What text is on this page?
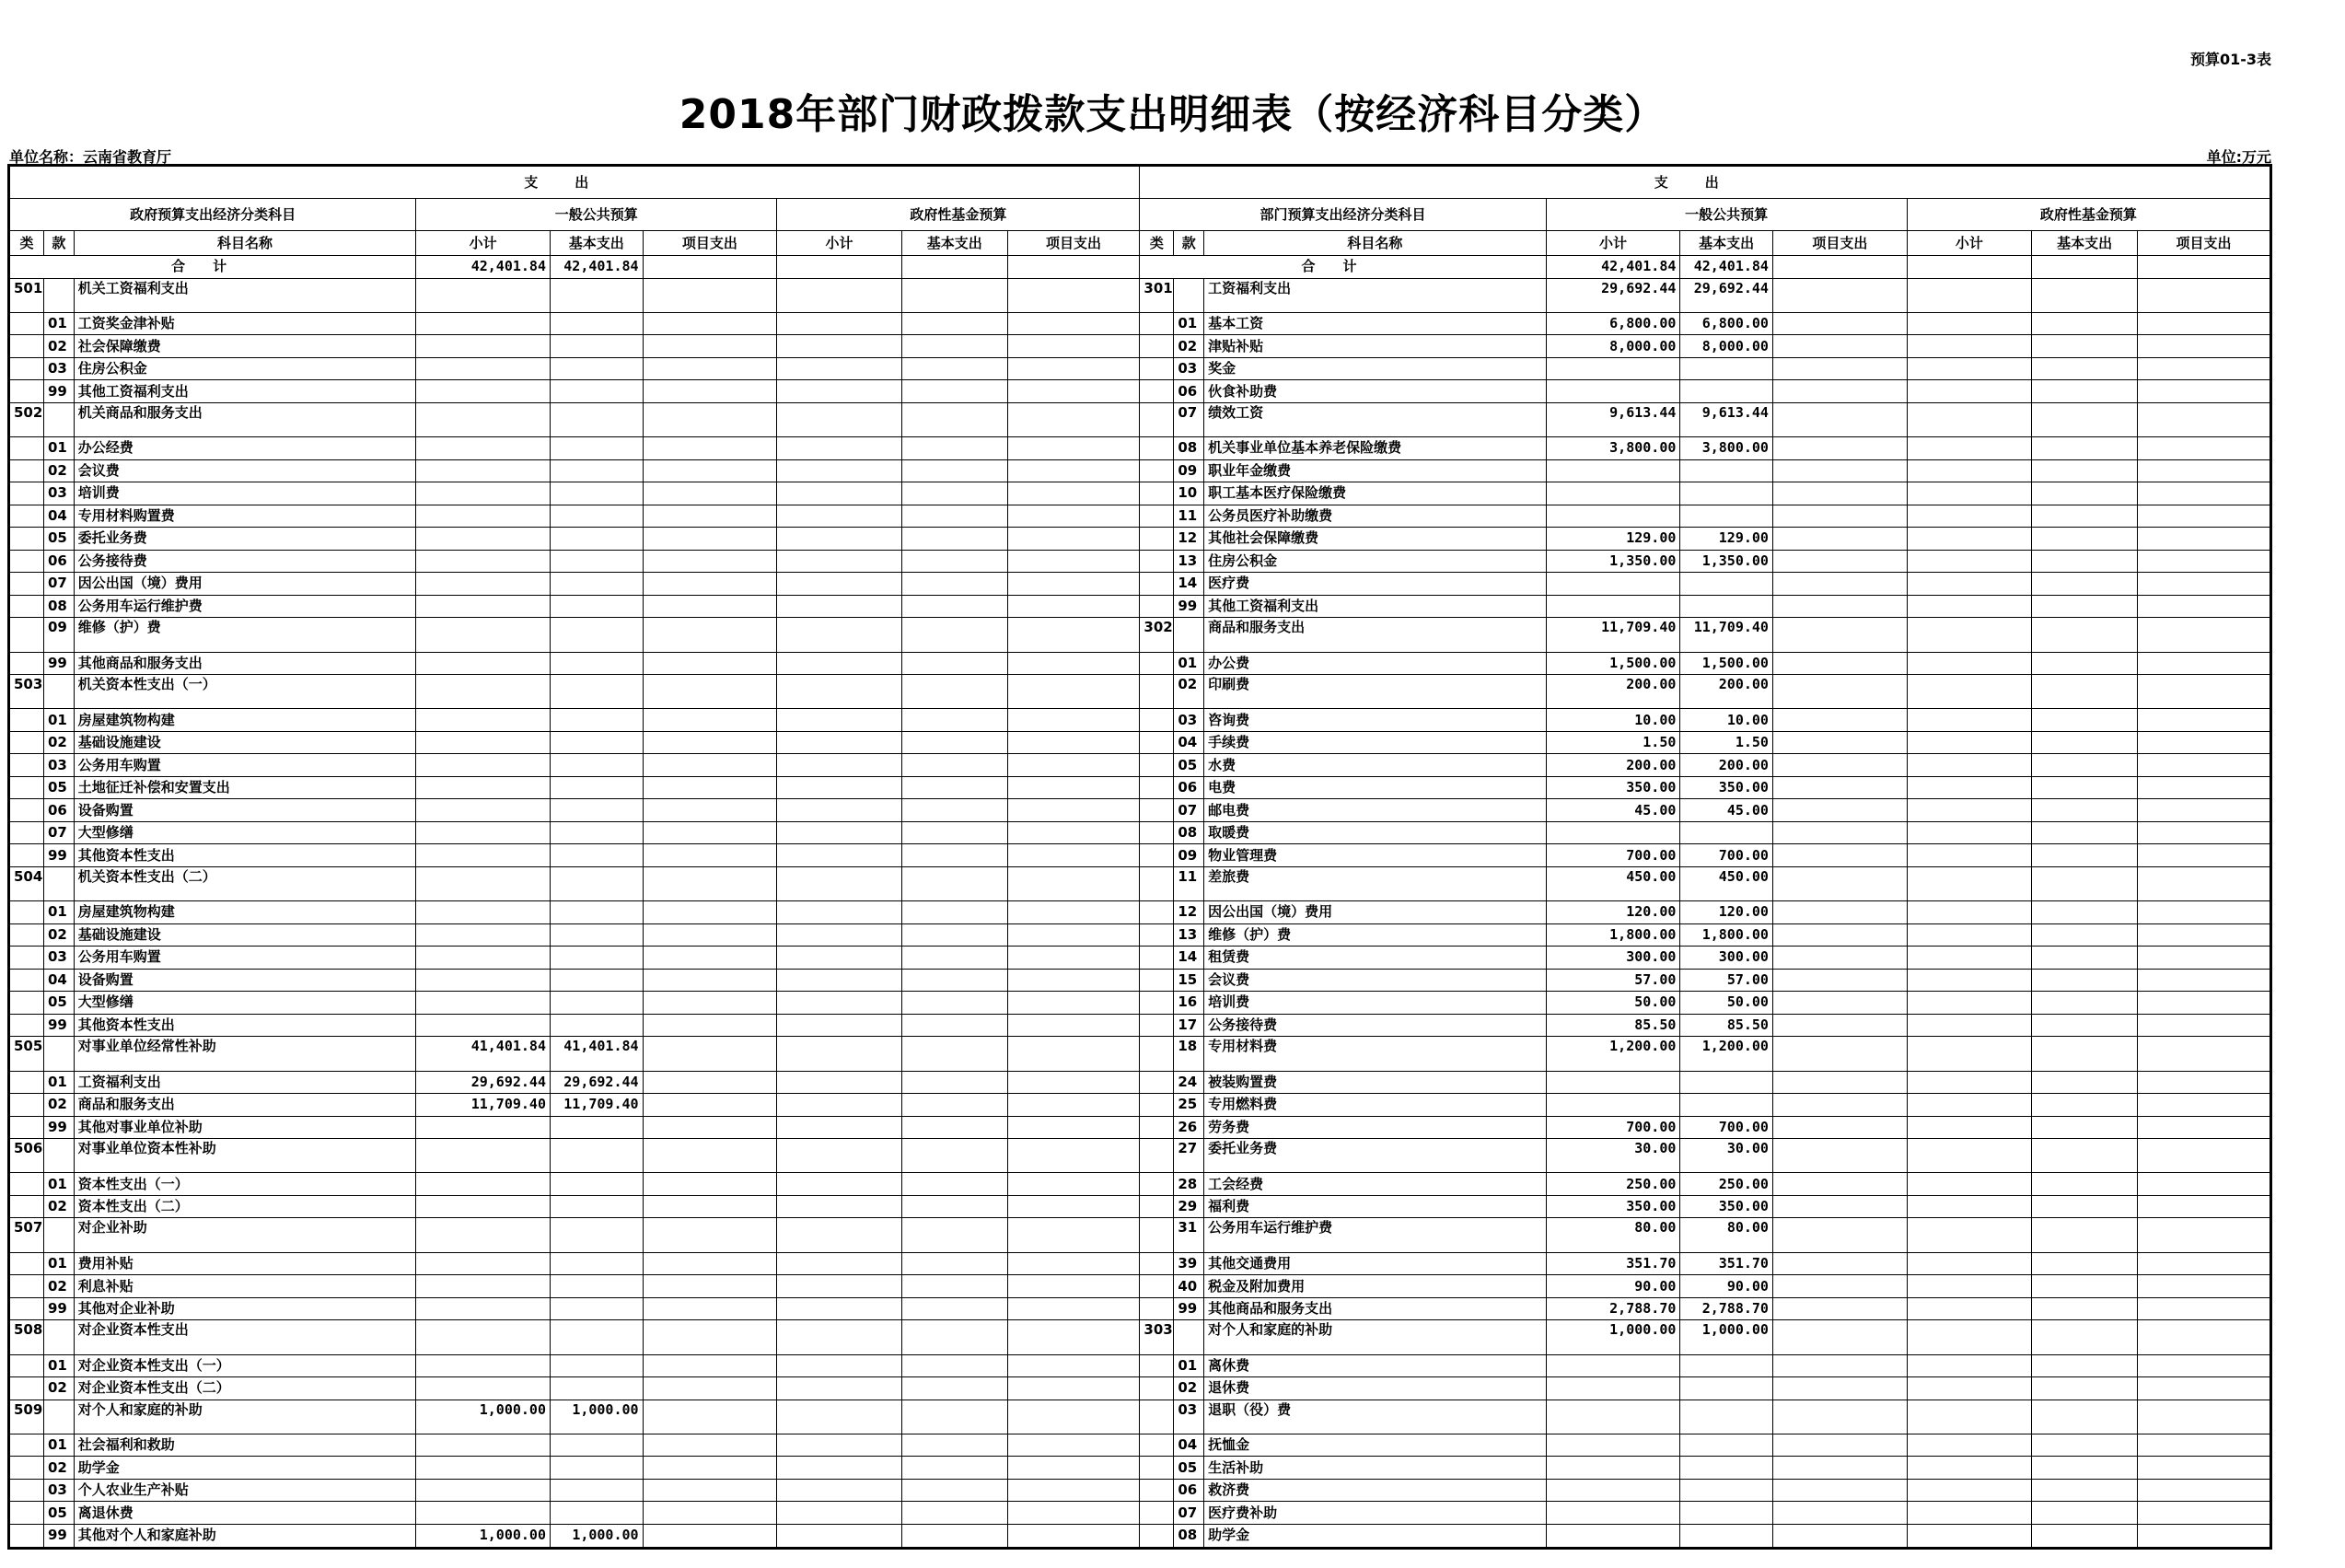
预算01-3表
2018年部门财政拨款支出明细表（按经济科目分类）
单位名称：云南省教育厅	单位:万元
支出									支出								
政府预算支出经济分类科目			一般公共预算			政府性基金预算			部门预算支出经济分类科目			一般公共预算			政府性基金预算		
类	款	科目名称	小计	基本支出	项目支出	小计	基本支出	项目支出	类	款	科目名称	小计	基本支出	项目支出	小计	基本支出	项目支出
合计			42,401.84	42,401.84					合计			42,401.84	42,401.84				
501		机关工资福利支出							301		工资福利支出	29,692.44	29,692.44				
	01	工资奖金津补贴								01	基本工资	6,800.00	6,800.00				
	02	社会保障缴费								02	津贴补贴	8,000.00	8,000.00				
	03	住房公积金								03	奖金						
	99	其他工资福利支出								06	伙食补助费						
502		机关商品和服务支出								07	绩效工资	9,613.44	9,613.44				
	01	办公经费								08	机关事业单位基本养老保险缴费	3,800.00	3,800.00				
	02	会议费								09	职业年金缴费						
	03	培训费								10	职工基本医疗保险缴费						
	04	专用材料购置费								11	公务员医疗补助缴费						
	05	委托业务费								12	其他社会保障缴费	129.00	129.00				
	06	公务接待费								13	住房公积金	1,350.00	1,350.00				
	07	因公出国（境）费用								14	医疗费						
	08	公务用车运行维护费								99	其他工资福利支出						
	09	维修（护）费							302		商品和服务支出	11,709.40	11,709.40				
	99	其他商品和服务支出								01	办公费	1,500.00	1,500.00				
503		机关资本性支出（一）								02	印刷费	200.00	200.00				
	01	房屋建筑物构建								03	咨询费	10.00	10.00				
	02	基础设施建设								04	手续费	1.50	1.50				
	03	公务用车购置								05	水费	200.00	200.00				
	05	土地征迁补偿和安置支出								06	电费	350.00	350.00				
	06	设备购置								07	邮电费	45.00	45.00				
	07	大型修缮								08	取暖费						
	99	其他资本性支出								09	物业管理费	700.00	700.00				
504		机关资本性支出（二）								11	差旅费	450.00	450.00				
	01	房屋建筑物构建								12	因公出国（境）费用	120.00	120.00				
	02	基础设施建设								13	维修（护）费	1,800.00	1,800.00				
	03	公务用车购置								14	租赁费	300.00	300.00				
	04	设备购置								15	会议费	57.00	57.00				
	05	大型修缮								16	培训费	50.00	50.00				
	99	其他资本性支出								17	公务接待费	85.50	85.50				
505		对事业单位经常性补助	41,401.84	41,401.84						18	专用材料费	1,200.00	1,200.00				
	01	工资福利支出	29,692.44	29,692.44						24	被装购置费						
	02	商品和服务支出	11,709.40	11,709.40						25	专用燃料费						
	99	其他对事业单位补助								26	劳务费	700.00	700.00				
506		对事业单位资本性补助								27	委托业务费	30.00	30.00				
	01	资本性支出（一）								28	工会经费	250.00	250.00				
	02	资本性支出（二）								29	福利费	350.00	350.00				
507		对企业补助								31	公务用车运行维护费	80.00	80.00				
	01	费用补贴								39	其他交通费用	351.70	351.70				
	02	利息补贴								40	税金及附加费用	90.00	90.00				
	99	其他对企业补助								99	其他商品和服务支出	2,788.70	2,788.70				
508		对企业资本性支出							303		对个人和家庭的补助	1,000.00	1,000.00				
	01	对企业资本性支出（一）								01	离休费						
	02	对企业资本性支出（二）								02	退休费						
509		对个人和家庭的补助	1,000.00	1,000.00						03	退职（役）费						
	01	社会福利和救助								04	抚恤金						
	02	助学金								05	生活补助						
	03	个人农业生产补贴								06	救济费						
	05	离退休费								07	医疗费补助						
	99	其他对个人和家庭补助	1,000.00	1,000.00						08	助学金						
